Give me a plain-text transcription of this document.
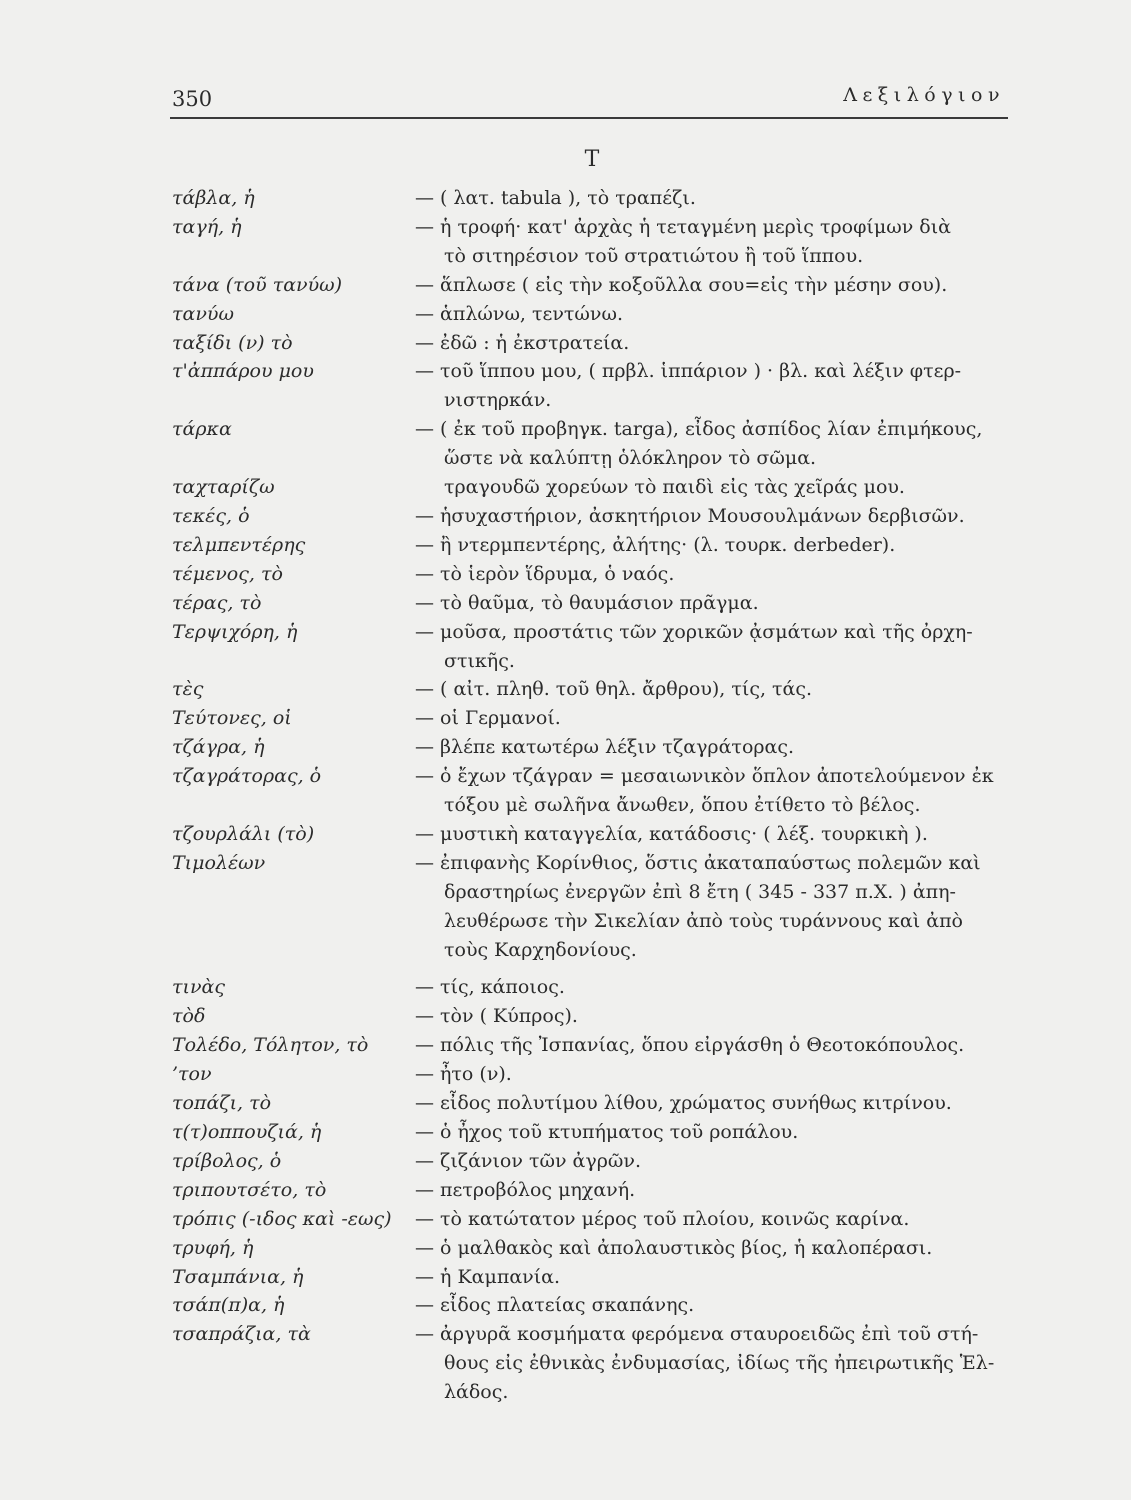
350	Λεξιλόγιον
Τ
τάβλα, ἡ	— ( λατ. tabula ), τὸ τραπέζι.
ταγή, ἡ	— ἡ τροφή· κατ' ἀρχὰς ἡ τεταγμένη μερὶς τροφίμων διὰ
τὸ σιτηρέσιον τοῦ στρατιώτου ἢ τοῦ ἵππου.
τάνα (τοῦ τανύω)	— ἅπλωσε ( εἰς τὴν κοξοῦλλα σου=εἰς τὴν μέσην σου).
τανύω	— ἁπλώνω, τεντώνω.
ταξίδι (ν) τὸ	— ἐδῶ : ἡ ἐκστρατεία.
τ'ἀππάρου μου	— τοῦ ἵππου μου, ( πρβλ. ἱππάριον ) · βλ. καὶ λέξιν φτερ-
νιστηρκάν.
τάρκα	— ( ἐκ τοῦ προβηγκ. targa), εἶδος ἀσπίδος λίαν ἐπιμήκους,
ὥστε νὰ καλύπτῃ ὁλόκληρον τὸ σῶμα.
ταχταρίζω	τραγουδῶ χορεύων τὸ παιδὶ εἰς τὰς χεῖράς μου.
τεκές, ὁ	— ἡσυχαστήριον, ἀσκητήριον Μουσουλμάνων δερβισῶν.
τελμπεντέρης	— ἢ ντερμπεντέρης, ἀλήτης· (λ. τουρκ. derbeder).
τέμενος, τὸ	— τὸ ἱερὸν ἵδρυμα, ὁ ναός.
τέρας, τὸ	— τὸ θαῦμα, τὸ θαυμάσιον πρᾶγμα.
Τερψιχόρη, ἡ	— μοῦσα, προστάτις τῶν χορικῶν ᾀσμάτων καὶ τῆς ὀρχη-
στικῆς.
τὲς	— ( αἰτ. πληθ. τοῦ θηλ. ἄρθρου), τίς, τάς.
Τεύτονες, οἱ	— οἱ Γερμανοί.
τζάγρα, ἡ	— βλέπε κατωτέρω λέξιν τζαγράτορας.
τζαγράτορας, ὁ	— ὁ ἔχων τζάγραν = μεσαιωνικὸν ὅπλον ἀποτελούμενον ἐκ
τόξου μὲ σωλῆνα ἄνωθεν, ὅπου ἐτίθετο τὸ βέλος.
τζουρλάλι (τὸ)	— μυστικὴ καταγγελία, κατάδοσις· ( λέξ. τουρκικὴ ).
Τιμολέων	— ἐπιφανὴς Κορίνθιος, ὅστις ἀκαταπαύστως πολεμῶν καὶ
δραστηρίως ἐνεργῶν ἐπὶ 8 ἔτη ( 345 - 337 π.Χ. ) ἀπη-
λευθέρωσε τὴν Σικελίαν ἀπὸ τοὺς τυράννους καὶ ἀπὸ
τοὺς Καρχηδονίους.
τινὰς	— τίς, κάποιος.
τὸδ	— τὸν ( Κύπρος).
Τολέδο, Τόλητον, τὸ	— πόλις τῆς Ἰσπανίας, ὅπου εἰργάσθη ὁ Θεοτοκόπουλος.
’τον	— ἦτο (ν).
τοπάζι, τὸ	— εἶδος πολυτίμου λίθου, χρώματος συνήθως κιτρίνου.
τ(τ)οππουζιά, ἡ	— ὁ ἦχος τοῦ κτυπήματος τοῦ ροπάλου.
τρίβολος, ὁ	— ζιζάνιον τῶν ἀγρῶν.
τριπουτσέτο, τὸ	— πετροβόλος μηχανή.
τρόπις (-ιδος καὶ -εως)	— τὸ κατώτατον μέρος τοῦ πλοίου, κοινῶς καρίνα.
τρυφή, ἡ	— ὁ μαλθακὸς καὶ ἀπολαυστικὸς βίος, ἡ καλοπέρασι.
Τσαμπάνια, ἡ	— ἡ Καμπανία.
τσάπ(π)α, ἡ	— εἶδος πλατείας σκαπάνης.
τσαπράζια, τὰ	— ἀργυρᾶ κοσμήματα φερόμενα σταυροειδῶς ἐπὶ τοῦ στή-
θους εἰς ἐθνικὰς ἐνδυμασίας, ἰδίως τῆς ἠπειρωτικῆς Ἑλ-
λάδος.
